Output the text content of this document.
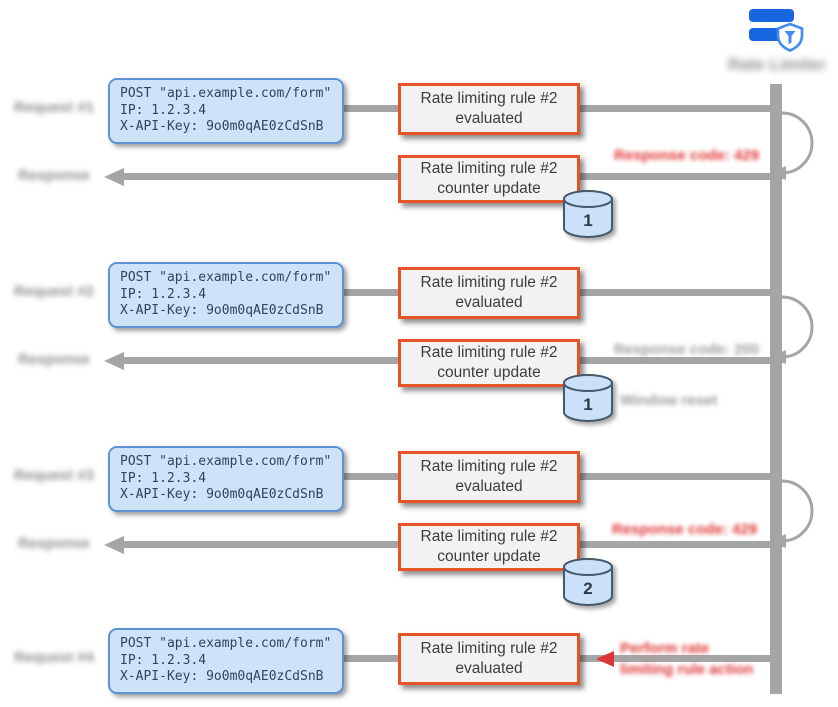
Rate Limiter
Request #1
POST "api.example.com/form"
IP: 1.2.3.4
X-API-Key: 9o0m0qAE0zCdSnB
Rate limiting rule #2
evaluated
Response	Rate limiting rule #2
counter update
Response code: 429
1
Request #2
POST "api.example.com/form"
IP: 1.2.3.4
X-API-Key: 9o0m0qAE0zCdSnB
Rate limiting rule #2
evaluated
Response	Rate limiting rule #2
counter update
Response code: 200
1 Window reset
Request #3
POST "api.example.com/form"
IP: 1.2.3.4
X-API-Key: 9o0m0qAE0zCdSnB
Rate limiting rule #2
evaluated
Response	Rate limiting rule #2
counter update
Response code: 429
2
Request #4
POST "api.example.com/form"
IP: 1.2.3.4
X-API-Key: 9o0m0qAE0zCdSnB
Rate limiting rule #2
evaluated
Perform rate
limiting rule action
